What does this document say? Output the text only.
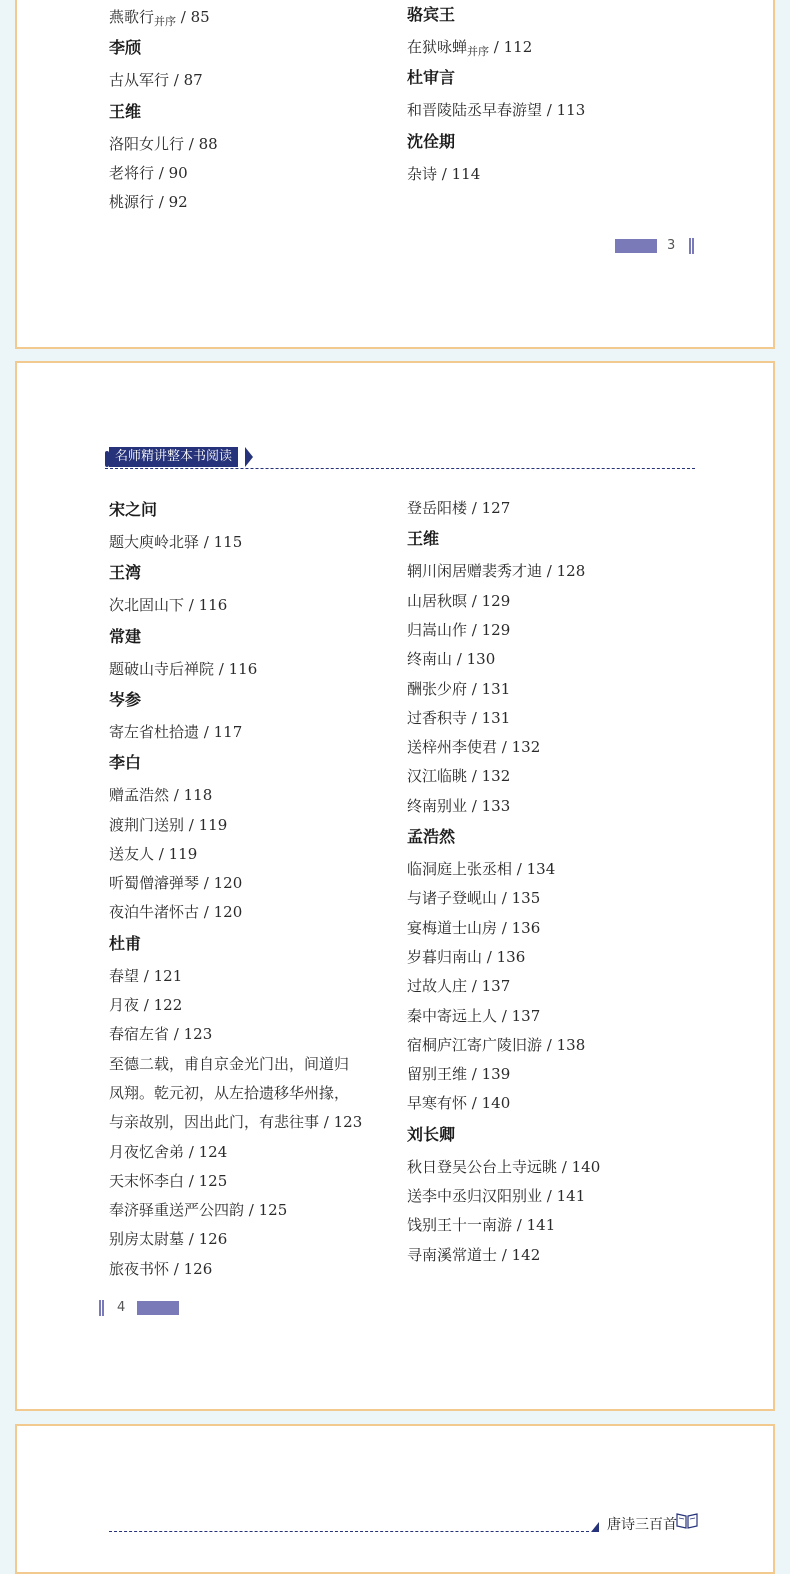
燕歌行$_{并序}$ / 85
李颀
古从军行 / 87
王维
洛阳女儿行 / 88
老将行 / 90
桃源行 / 92
骆宾王
在狱咏蝉$_{并序}$ / 112
杜审言
和晋陵陆丞早春游望 / 113
沈佺期
杂诗 / 114
3
名师精讲整本书阅读
宋之问
题大庾岭北驿 / 115
王湾
次北固山下 / 116
常建
题破山寺后禅院 / 116
岑参
寄左省杜拾遗 / 117
李白
赠孟浩然 / 118
渡荆门送别 / 119
送友人 / 119
听蜀僧濬弹琴 / 120
夜泊牛渚怀古 / 120
杜甫
春望 / 121
月夜 / 122
春宿左省 / 123
至德二载，甫自京金光门出，间道归
凤翔。乾元初，从左拾遗移华州掾，
与亲故别，因出此门，有悲往事 / 123
月夜忆舍弟 / 124
天末怀李白 / 125
奉济驿重送严公四韵 / 125
别房太尉墓 / 126
旅夜书怀 / 126
登岳阳楼 / 127
王维
辋川闲居赠裴秀才迪 / 128
山居秋暝 / 129
归嵩山作 / 129
终南山 / 130
酬张少府 / 131
过香积寺 / 131
送梓州李使君 / 132
汉江临眺 / 132
终南别业 / 133
孟浩然
临洞庭上张丞相 / 134
与诸子登岘山 / 135
宴梅道士山房 / 136
岁暮归南山 / 136
过故人庄 / 137
秦中寄远上人 / 137
宿桐庐江寄广陵旧游 / 138
留别王维 / 139
早寒有怀 / 140
刘长卿
秋日登吴公台上寺远眺 / 140
送李中丞归汉阳别业 / 141
饯别王十一南游 / 141
寻南溪常道士 / 142
4
唐诗三百首
